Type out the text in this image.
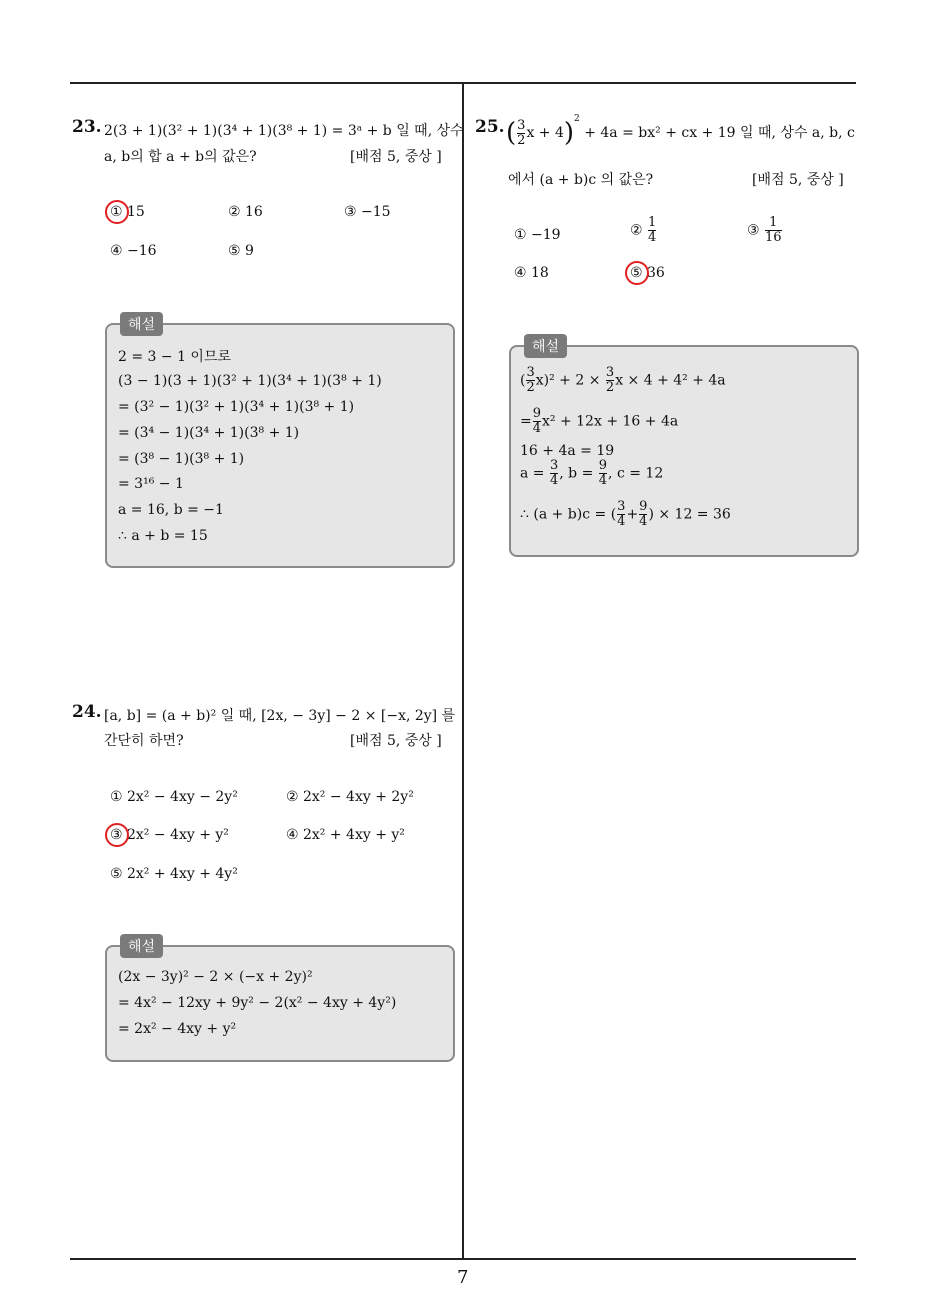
23. 2(3 + 1)(3² + 1)(3⁴ + 1)(3⁸ + 1) = 3ᵃ + b 일 때, 상수
a, b의 합 a + b의 값은?	[배점 5, 중상 ]
① 15	② 16	③ −15
④ −16	⑤ 9
해설
2 = 3 − 1 이므로
(3 − 1)(3 + 1)(3² + 1)(3⁴ + 1)(3⁸ + 1)
= (3² − 1)(3² + 1)(3⁴ + 1)(3⁸ + 1)
= (3⁴ − 1)(3⁴ + 1)(3⁸ + 1)
= (3⁸ − 1)(3⁸ + 1)
= 3¹⁶ − 1
a = 16, b = −1
∴ a + b = 15
24. [a, b] = (a + b)² 일 때, [2x, − 3y] − 2 × [−x, 2y] 를
간단히 하면?	[배점 5, 중상 ]
① 2x² − 4xy − 2y²	② 2x² − 4xy + 2y²
③ 2x² − 4xy + y²	④ 2x² + 4xy + y²
⑤ 2x² + 4xy + 4y²
해설
(2x − 3y)² − 2 × (−x + 2y)²
= 4x² − 12xy + 9y² − 2(x² − 4xy + 4y²)
= 2x² − 4xy + y²
25. ( $\frac{3}{2}$ x + 4)$^2$ + 4a = bx² + cx + 19 일 때, 상수 a, b, c
에서 (a + b)c 의 값은?	[배점 5, 중상 ]
① −19	② $\frac{1}{4}$	③ $\frac{1}{16}$
④ 18	⑤ 36
해설
( $\frac{3}{2} x)^2 + 2 \times \frac{3}{2}$ x × 4 + 4² + 4a
= $\frac{9}{4} x^2 + 12x + 16 + 4a$
16 + 4a = 19
$a = \frac{3}{4}$ , $b = \frac{9}{4}$ , c = 12
∴ (a + b)c = ( $\frac{3}{4} + \frac{9}{4}$ ) × 12 = 36
7
